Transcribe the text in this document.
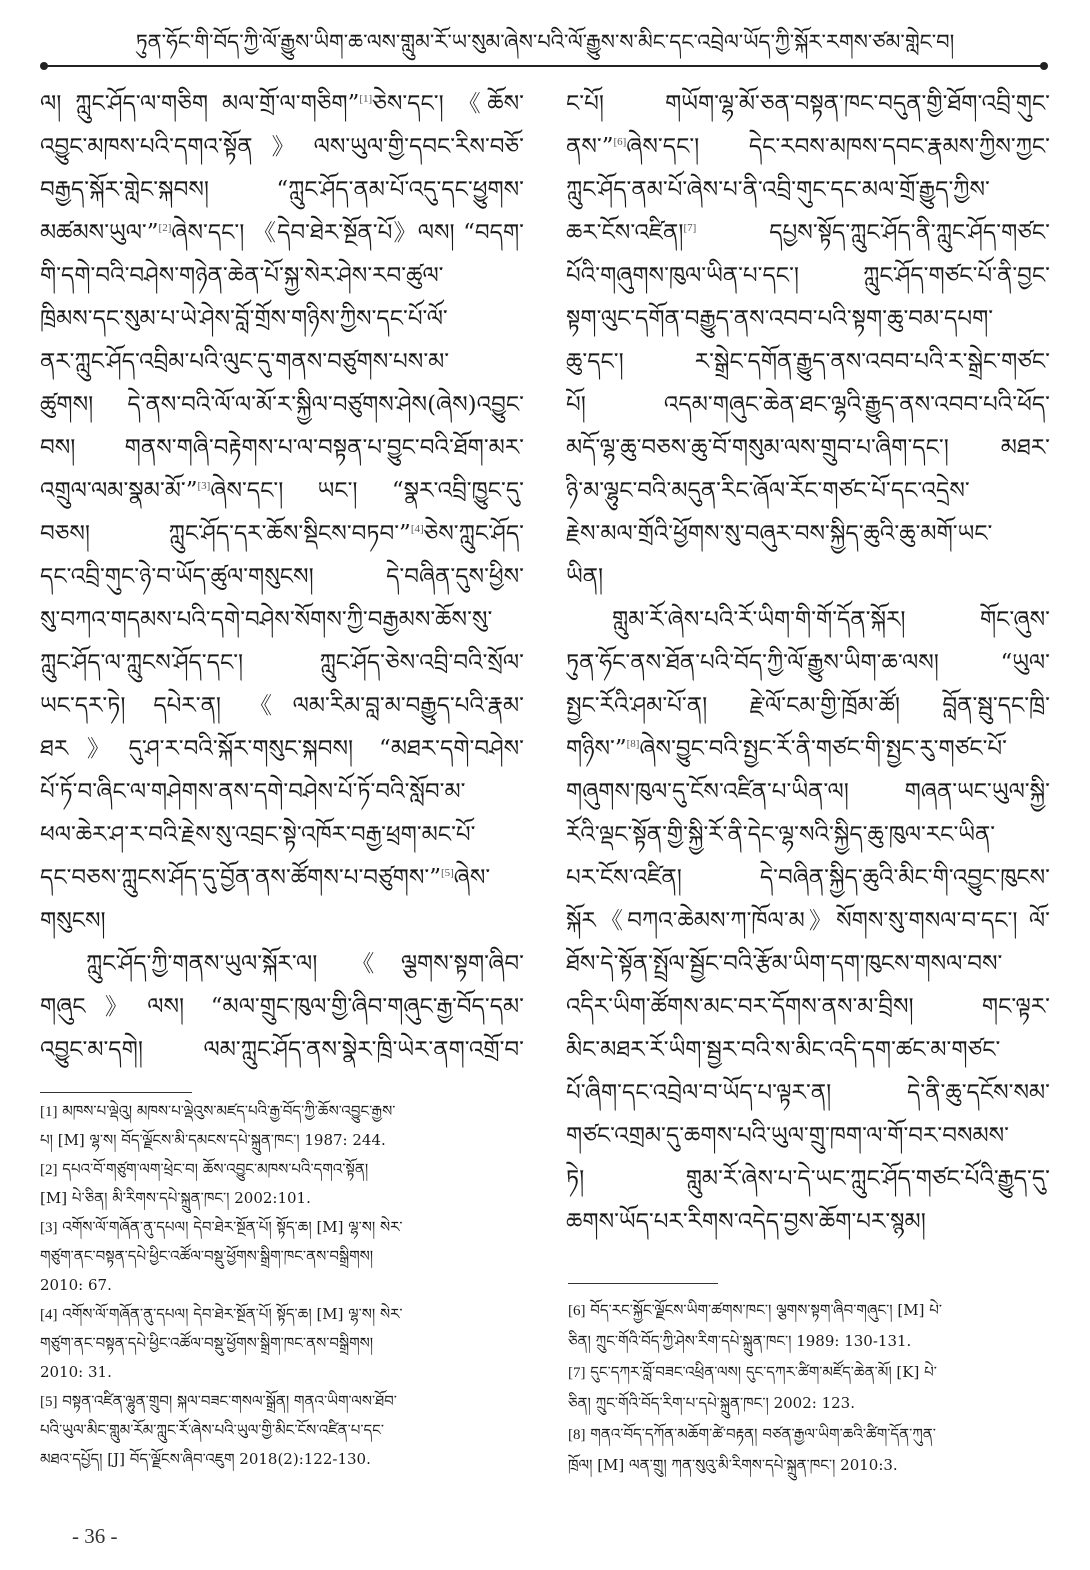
ཏུན་ཧོང་གི་བོད་ཀྱི་ལོ་རྒྱུས་ཡིག་ཆ་ལས་གླུམ་རོ་ཡ་སུམ་ཞེས་པའི་ལོ་རྒྱུས་ས་མིང་དང་འབྲེལ་ཡོད་ཀྱི་སྐོར་རགས་ཙམ་གླེང་བ།
ལ། ཀླུང་ཤོད་ལ་གཅིག མལ་གྲོ་ལ་གཅིག”[1]ཅེས་དང་། 《ཆོས་
འབྱུང་མཁས་པའི་དགའ་སྟོན》ལས་ཡུལ་གྱི་དབང་རིས་བཅོ་
བརྒྱད་སྐོར་གླེང་སྐབས། “ཀླུང་ཤོད་ནམ་པོ་འདུ་དང་ཕྱུགས་
མཚམས་ཡུལ་”[2]ཞེས་དང་། 《དེབ་ཐེར་སྔོན་པོ》ལས། “བདག་
གི་དགེ་བའི་བཤེས་གཉེན་ཆེན་པོ་སྐྱ་སེར་ཤེས་རབ་ཚུལ་
ཁྲིམས་དང་སུམ་པ་ཡེ་ཤེས་བློ་གྲོས་གཉིས་ཀྱིས་དང་པོ་ལོ་
ནར་ཀླུང་ཤོད་འབྲིམ་པའི་ལུང་དུ་གནས་བཙུགས་པས་མ་
ཚུགས། དེ་ནས་བའི་ལོ་ལ་མོ་ར་སྐྱིལ་བཙུགས་ཤེས(ཞེས)འབྱུང་
བས། གནས་གཞི་བརྟེགས་པ་ལ་བསྟན་པ་བྱུང་བའི་ཐོག་མར་
འགྲུལ་ལམ་སྣམ་མོ་”[3]ཞེས་དང་། ཡང་། “སྣར་འབྲི་ཁྱུང་དུ་
བཅས། ཀླུང་ཤོད་དར་ཆོས་སྡིངས་བཏབ་”[4]ཅེས་ཀླུང་ཤོད་
དང་འབྲི་གུང་ཉེ་བ་ཡོད་ཚུལ་གསུངས། དེ་བཞིན་དུས་ཕྱིས་
སུ་བཀའ་གདམས་པའི་དགེ་བཤེས་སོགས་ཀྱི་བརྒྱམས་ཆོས་སུ་
ཀླུང་ཤོད་ལ་ཀླུངས་ཤོད་དང་། ཀླུང་ཤོད་ཅེས་འབྲི་བའི་སྲོལ་
ཡང་དར་ཏེ། དཔེར་ན། 《ལམ་རིམ་བླ་མ་བརྒྱུད་པའི་རྣམ་
ཐར》དུ་ཤ་ར་བའི་སྐོར་གསུང་སྐབས། “མཐར་དགེ་བཤེས་
པོ་ཏོ་བ་ཞིང་ལ་གཤེགས་ནས་དགེ་བཤེས་པོ་ཏོ་བའི་སློབ་མ་
ཕལ་ཆེར་ཤ་ར་བའི་རྗེས་སུ་འབྲང་སྟེ་འཁོར་བརྒྱ་ཕྲག་མང་པོ་
དང་བཅས་ཀླུངས་ཤོད་དུ་བྱོན་ནས་ཚོགས་པ་བཙུགས་”[5]ཞེས་
གསུངས།
ཀླུང་ཤོད་ཀྱི་གནས་ཡུལ་སྐོར་ལ། 《ལྕགས་སྟག་ཞིབ་
གཞུང》ལས། “མལ་གྲུང་ཁུལ་གྱི་ཞིབ་གཞུང་རྒྱ་བོད་དམ་
འབྱུང་མ་དགེ། ལམ་ཀླུང་ཤོད་ནས་སྣེར་ཁྲི་ཡེར་ནག་འགྲོ་བ་
ང་པོ། གཡོག་ལྷ་མོ་ཅན་བསྟན་ཁང་བདུན་གྱི་ཐོག་འབྲི་གུང་
ནས་”[6]ཞེས་དང་། དེང་རབས་མཁས་དབང་རྣམས་ཀྱིས་ཀྱང་
ཀླུང་ཤོད་ནམ་པོ་ཞེས་པ་ནི་འབྲི་གུང་དང་མལ་གྲོ་རྒྱུད་ཀྱིས་
ཆར་ངོས་འཛིན།[7] དཔྱས་སྟོད་ཀླུང་ཤོད་ནི་ཀླུང་ཤོད་གཙང་
པོའི་གཞུགས་ཁུལ་ཡིན་པ་དང་། ཀླུང་ཤོད་གཙང་པོ་ནི་བྱང་
སྟག་ལུང་དགོན་བརྒྱུད་ནས་འབབ་པའི་སྟག་ཆུ་བམ་དཔག་
ཆུ་དང་། ར་སྒྲེང་དགོན་རྒྱུད་ནས་འབབ་པའི་ར་སྒྲེང་གཙང་
པོ། འདམ་གཞུང་ཆེན་ཐང་ལྷའི་རྒྱུད་ནས་འབབ་པའི་ཕོད་
མདོ་ལྷ་ཆུ་བཅས་ཆུ་བོ་གསུམ་ལས་གྲུབ་པ་ཞིག་དང་། མཐར་
ཉི་མ་ལྷུང་བའི་མདུན་རིང་ཞོལ་རོང་གཙང་པོ་དང་འདྲེས་
རྗེས་མལ་གྲོའི་ཕྱོགས་སུ་བཞུར་བས་སྐྱིད་ཆུའི་ཆུ་མགོ་ཡང་
ཡིན།
གླུམ་རོ་ཞེས་པའི་རོ་ཡིག་གི་གོ་དོན་སྐོར། གོང་ཞུས་
ཏུན་ཧོང་ནས་ཐོན་པའི་བོད་ཀྱི་ལོ་རྒྱུས་ཡིག་ཆ་ལས། “ཡུལ་
སྤྱང་རོའི་ཤམ་པོ་ན། རྗེ་ལོ་ངམ་གྱི་ཁྲོམ་ཚོ། བློན་སྦུ་དང་ཁྲི་
གཉིས་”[8]ཞེས་བྱུང་བའི་སྤྱང་རོ་ནི་གཙང་གི་སྤྱང་རུ་གཙང་པོ་
གཞུགས་ཁུལ་དུ་ངོས་འཛིན་པ་ཡིན་ལ། གཞན་ཡང་ཡུལ་སྐྱི་
རོའི་ལྡང་སྟོན་གྱི་སྐྱི་རོ་ནི་དེང་ལྷ་སའི་སྐྱིད་ཆུ་ཁུལ་རང་ཡིན་
པར་ངོས་འཛིན། དེ་བཞིན་སྐྱིད་ཆུའི་མིང་གི་འབྱུང་ཁུངས་
སྐོར《བཀའ་ཆེམས་ཀ་ཁོལ་མ》སོགས་སུ་གསལ་བ་དང་། ལོ་
ཐོས་དེ་སྟོན་སྤྲོལ་སྦྱོང་བའི་རྩོམ་ཡིག་དག་ཁུངས་གསལ་བས་
འདིར་ཡིག་ཚོགས་མང་བར་དོགས་ནས་མ་བྲིས། གང་ལྟར་
མིང་མཐར་རོ་ཡིག་སྦྱར་བའི་ས་མིང་འདི་དག་ཚང་མ་གཙང་
པོ་ཞིག་དང་འབྲེལ་བ་ཡོད་པ་ལྟར་ན། དེ་ནི་ཆུ་དངོས་སམ་
གཙང་འགྲམ་དུ་ཆགས་པའི་ཡུལ་གྲུ་ཁག་ལ་གོ་བར་བསམས་
ཏེ། གླུམ་རོ་ཞེས་པ་དེ་ཡང་ཀླུང་ཤོད་གཙང་པོའི་རྒྱུད་དུ་
ཆགས་ཡོད་པར་རིགས་འདེད་བྱས་ཆོག་པར་སྙམ།
[1] མཁས་པ་ལྡེའུ། མཁས་པ་ལྡེའུས་མཛད་པའི་རྒྱ་བོད་ཀྱི་ཆོས་འབྱུང་རྒྱས་
པ། [M] ལྷ་ས། བོད་ལྗོངས་མི་དམངས་དཔེ་སྐྲུན་ཁང་། 1987: 244.
[2] དཔའ་བོ་གཙུག་ལག་ཕྲེང་བ། ཆོས་འབྱུང་མཁས་པའི་དགའ་སྟོན།
[M] པེ་ཅིན། མི་རིགས་དཔེ་སྐྲུན་ཁང་། 2002:101.
[3] འགོས་ལོ་གཞོན་ནུ་དཔལ། དེབ་ཐེར་སྔོན་པོ། སྟོད་ཆ། [M] ལྷ་ས། སེར་
གཙུག་ནང་བསྟན་དཔེ་ཕྱིང་འཚོལ་བསྡུ་ཕྱོགས་སྒྲིག་ཁང་ནས་བསྒྲིགས།
2010: 67.
[4] འགོས་ལོ་གཞོན་ནུ་དཔལ། དེབ་ཐེར་སྔོན་པོ། སྟོད་ཆ། [M] ལྷ་ས། སེར་
གཙུག་ནང་བསྟན་དཔེ་ཕྱིང་འཚོལ་བསྡུ་ཕྱོགས་སྒྲིག་ཁང་ནས་བསྒྲིགས།
2010: 31.
[5] བསྟན་འཛིན་ལྷུན་གྲུབ། སྐལ་བཟང་གསལ་སྒྲོན། གནའ་ཡིག་ལས་ཐོབ་
པའི་ཡུལ་མིང་གླུམ་རོམ་ཀླུང་རོ་ཞེས་པའི་ཡུལ་གྱི་མིང་ངོས་འཛིན་པ་དང་
མཐའ་དཔྱོད། [J] བོད་ལྗོངས་ཞིབ་འཇུག 2018(2):122-130.
[6] བོད་རང་སྐྱོང་ལྗོངས་ཡིག་ཚགས་ཁང་། ལྕགས་སྟག་ཞིབ་གཞུང་། [M] པེ་
ཅིན། ཀྲུང་གོའི་བོད་ཀྱི་ཤེས་རིག་དཔེ་སྐྲུན་ཁང་། 1989: 130-131.
[7] དུང་དཀར་བློ་བཟང་འཕྲིན་ལས། དུང་དཀར་ཚིག་མཛོད་ཆེན་མོ། [K] པེ་
ཅིན། ཀྲུང་གོའི་བོད་རིག་པ་དཔེ་སྐྲུན་ཁང་། 2002: 123.
[8] གནའ་བོད་དཀོན་མཆོག་ཚེ་བརྟན། བཙན་རྒྱལ་ཡིག་ཆའི་ཚིག་དོན་ཀུན་
ཁྲོལ། [M] ལན་གྲུ། ཀན་སུའུ་མི་རིགས་དཔེ་སྐྲུན་ཁང་། 2010:3.
- 36 -
